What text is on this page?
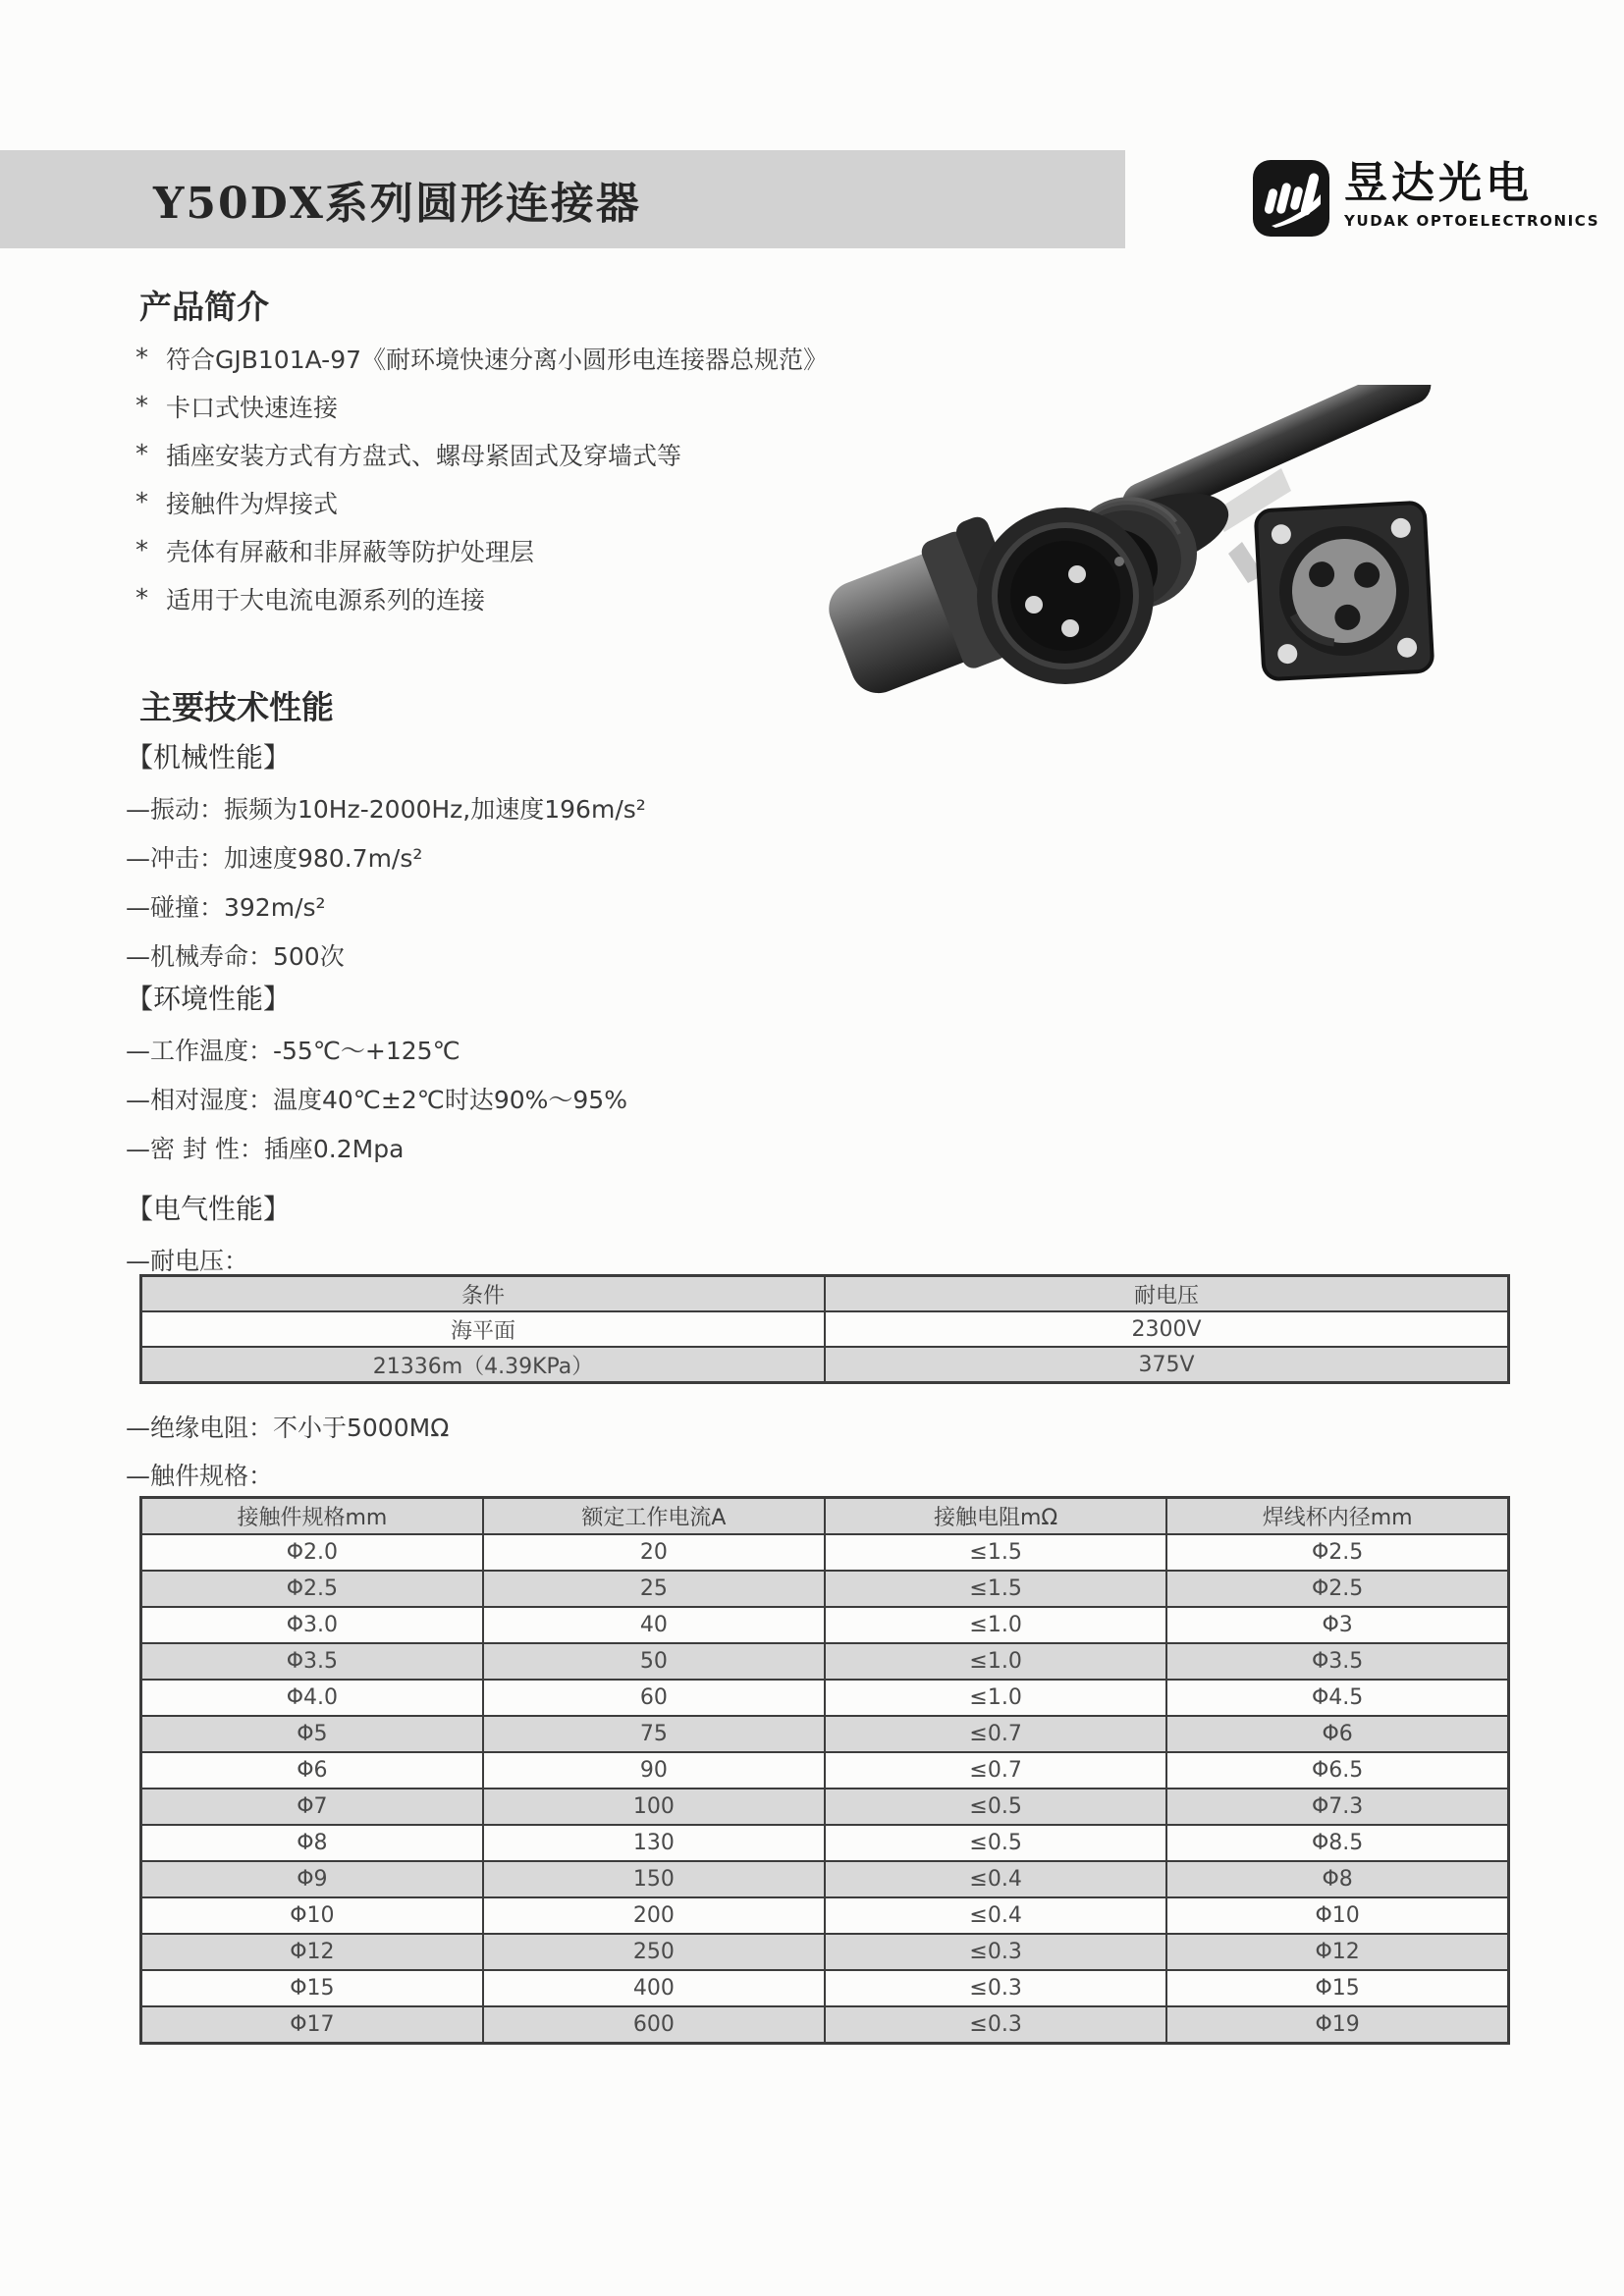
Y50DX系列圆形连接器	昱达光电
YUDAK OPTOELECTRONICS
产品简介
* 符合GJB101A-97《耐环境快速分离小圆形电连接器总规范》
* 卡口式快速连接
* 插座安装方式有方盘式、螺母紧固式及穿墙式等
* 接触件为焊接式
* 壳体有屏蔽和非屏蔽等防护处理层
* 适用于大电流电源系列的连接
主要技术性能
【机械性能】
—振动：振频为10Hz-2000Hz,加速度196m/s²
—冲击：加速度980.7m/s²
—碰撞：392m/s²
—机械寿命：500次
【环境性能】
—工作温度：-55℃～+125℃
—相对湿度：温度40℃±2℃时达90%～95%
—密 封 性：插座0.2Mpa
【电气性能】
—耐电压：
条件	耐电压
海平面	2300V
21336m（4.39KPa）	375V
—绝缘电阻：不小于5000MΩ
—触件规格：
接触件规格mm	额定工作电流A	接触电阻mΩ	焊线杯内径mm
Φ2.0	20	≤1.5	Φ2.5
Φ2.5	25	≤1.5	Φ2.5
Φ3.0	40	≤1.0	Φ3
Φ3.5	50	≤1.0	Φ3.5
Φ4.0	60	≤1.0	Φ4.5
Φ5	75	≤0.7	Φ6
Φ6	90	≤0.7	Φ6.5
Φ7	100	≤0.5	Φ7.3
Φ8	130	≤0.5	Φ8.5
Φ9	150	≤0.4	Φ8
Φ10	200	≤0.4	Φ10
Φ12	250	≤0.3	Φ12
Φ15	400	≤0.3	Φ15
Φ17	600	≤0.3	Φ19
